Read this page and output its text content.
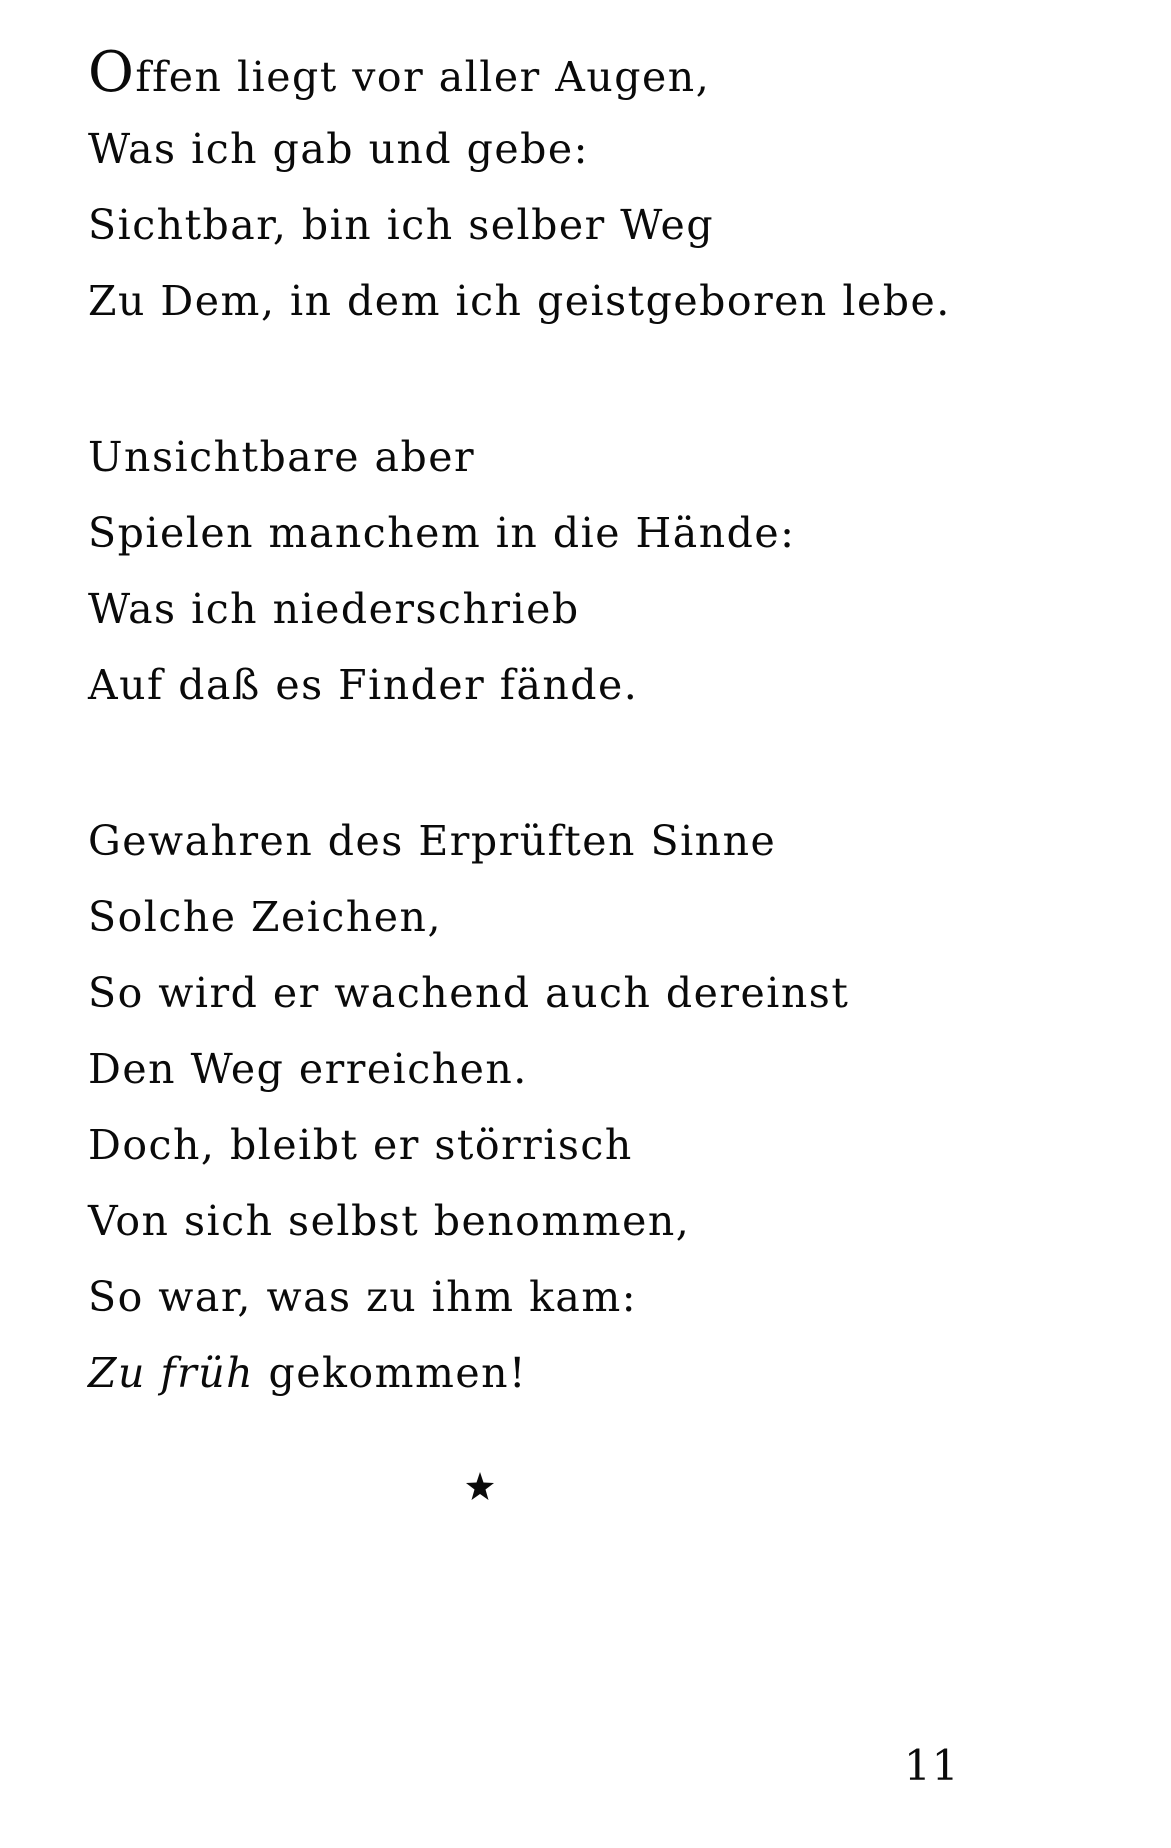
Offen liegt vor aller Augen,
Was ich gab und gebe:
Sichtbar, bin ich selber Weg
Zu Dem, in dem ich geistgeboren lebe.
Unsichtbare aber
Spielen manchem in die Hände:
Was ich niederschrieb
Auf daß es Finder fände.
Gewahren des Erprüften Sinne
Solche Zeichen,
So wird er wachend auch dereinst
Den Weg erreichen.
Doch, bleibt er störrisch
Von sich selbst benommen,
So war, was zu ihm kam:
Zu früh gekommen!
11
